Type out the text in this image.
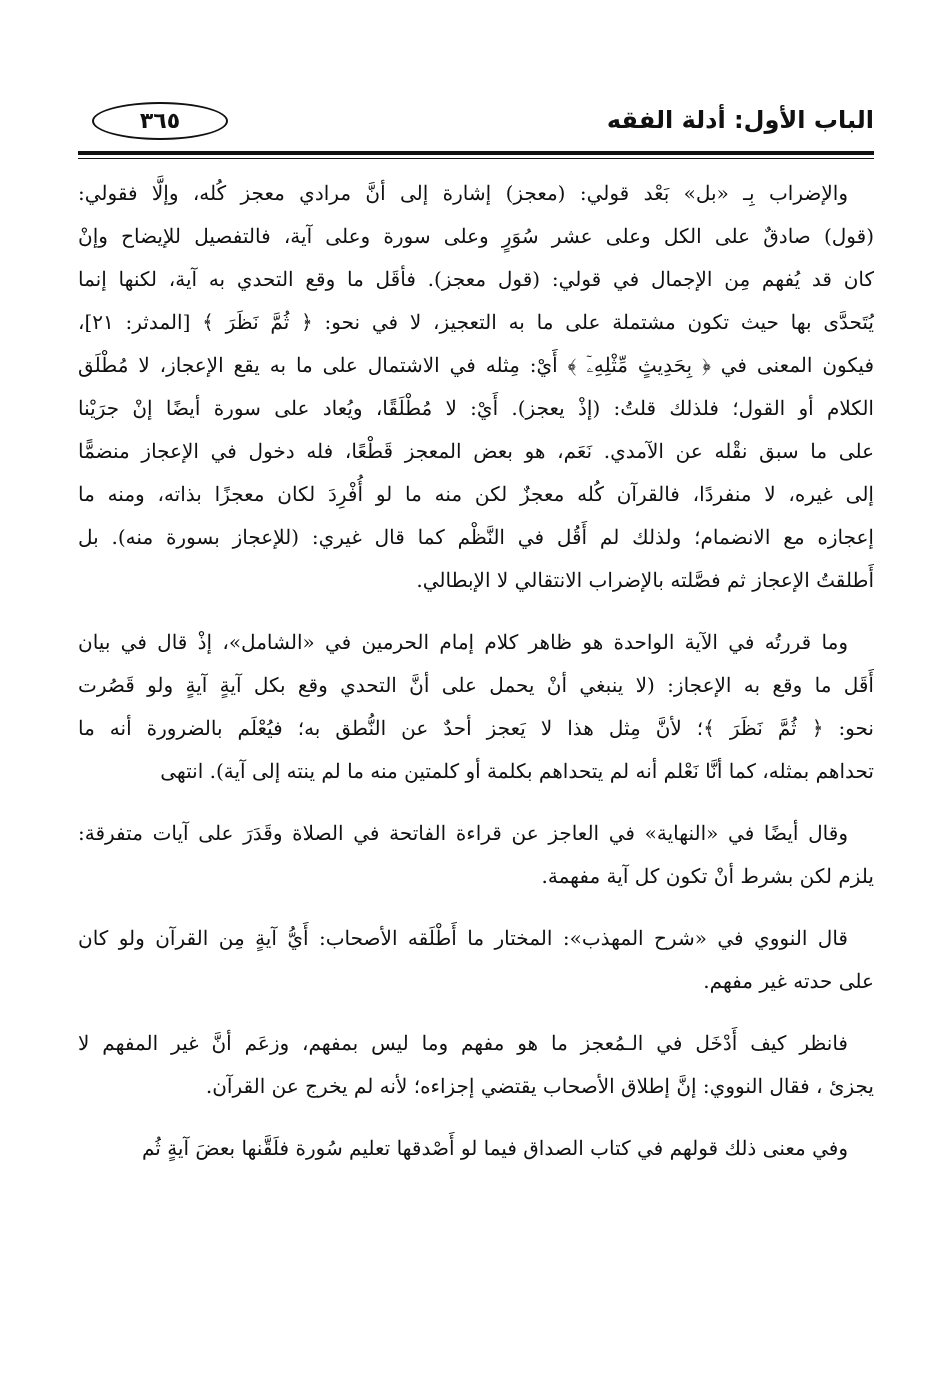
الباب الأول: أدلة الفقه
٣٦٥
والإضراب بِـ «بل» بَعْد قولي: (معجز) إشارة إلى أنَّ مرادي معجز كُله، وإلَّا فقولي:
(قول) صادقٌ على الكل وعلى عشر سُوَرٍ وعلى سورة وعلى آية، فالتفصيل للإيضاح وإنْ
كان قد يُفهم مِن الإجمال في قولي: (قول معجز). فأقَل ما وقع التحدي به آية، لكنها إنما
يُتَحدَّى بها حيث تكون مشتملة على ما به التعجيز، لا في نحو: ﴿ ثُمَّ نَظَرَ ﴾ [المدثر: ٢١]،
فيكون المعنى في ﴿ بِحَدِيثٍ مِّثْلِهِۦٓ ﴾ أَيْ: مِثله في الاشتمال على ما به يقع الإعجاز، لا مُطْلَق
الكلام أو القول؛ فلذلك قلتُ: (إذْ يعجز). أَيْ: لا مُطْلَقًا، ويُعاد على سورة أيضًا إنْ جرَيْنا
على ما سبق نقْله عن الآمدي. نَعَم، هو بعض المعجز قَطْعًا، فله دخول في الإعجاز منضمًّا
إلى غيره، لا منفردًا، فالقرآن كُله معجزٌ لكن منه ما لو أُفْرِدَ لكان معجزًا بذاته، ومنه ما
إعجازه مع الانضمام؛ ولذلك لم أَقُل في النَّظْم كما قال غيري: (للإعجاز بسورة منه). بل
أَطلقتُ الإعجاز ثم فصَّلته بالإضراب الانتقالي لا الإبطالي.
وما قررتُه في الآية الواحدة هو ظاهر كلام إمام الحرمين في «الشامل»، إذْ قال في بيان
أَقَل ما وقع به الإعجاز: (لا ينبغي أنْ يحمل على أنَّ التحدي وقع بكل آيةٍ آيةٍ ولو قَصُرت
نحو: ﴿ ثُمَّ نَظَرَ ﴾؛ لأنَّ مِثل هذا لا يَعجز أحدٌ عن النُّطق به؛ فيُعْلَم بالضرورة أنه ما
تحداهم بمثله، كما أنَّا نَعْلم أنه لم يتحداهم بكلمة أو كلمتين منه ما لم ينته إلى آية). انتهى
وقال أيضًا في «النهاية» في العاجز عن قراءة الفاتحة في الصلاة وقَدَرَ على آيات متفرقة:
يلزم لكن بشرط أنْ تكون كل آية مفهمة.
قال النووي في «شرح المهذب»: المختار ما أَطْلَقه الأصحاب: أَيُّ آيةٍ مِن القرآن ولو كان
على حدته غير مفهم.
فانظر كيف أَدْخَل في الـمُعجز ما هو مفهم وما ليس بمفهم، وزعَم أنَّ غير المفهم لا
يجزئ ، فقال النووي: إنَّ إطلاق الأصحاب يقتضي إجزاءه؛ لأنه لم يخرج عن القرآن.
وفي معنى ذلك قولهم في كتاب الصداق فيما لو أَصْدقها تعليم سُورة فلَقَّنها بعضَ آيةٍ ثُم
